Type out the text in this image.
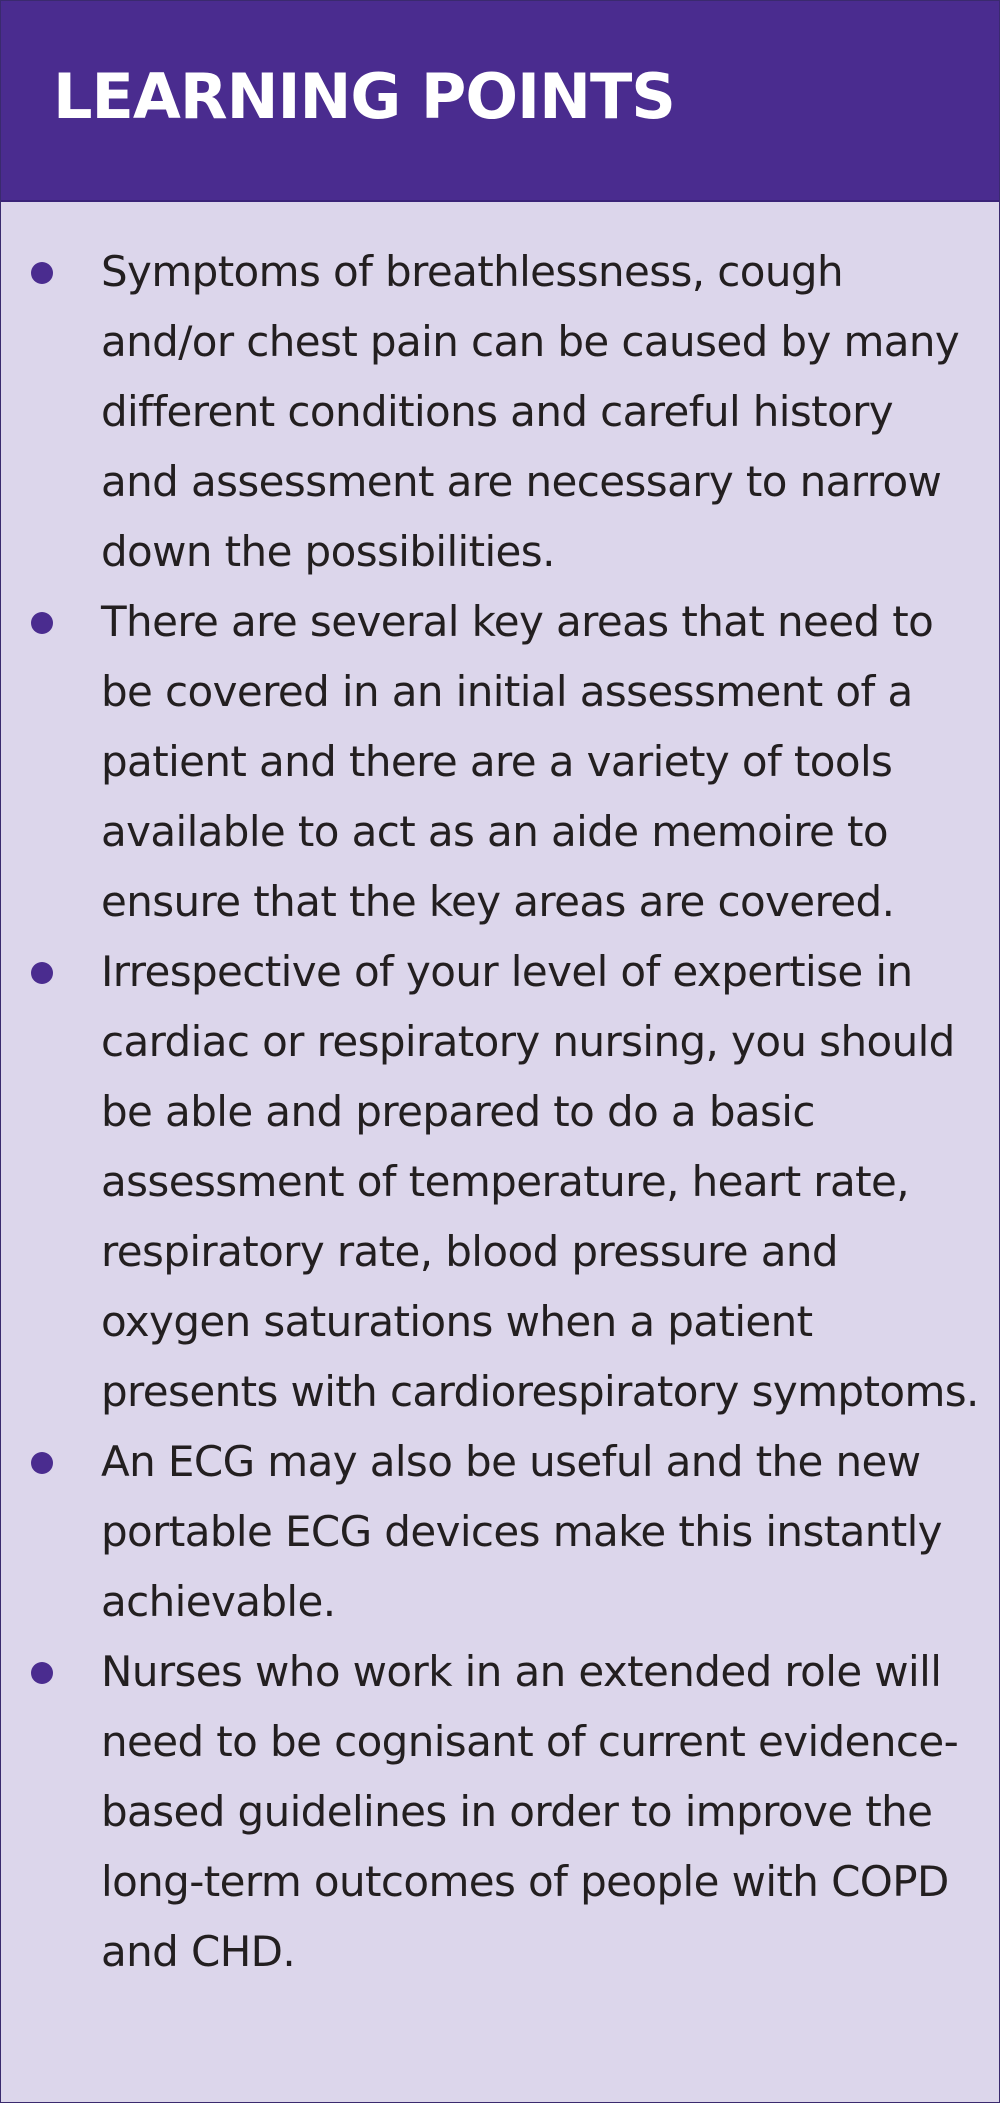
LEARNING POINTS
Symptoms of breathlessness, cough and/or chest pain can be caused by many different conditions and careful history and assessment are necessary to narrow down the possibilities.
There are several key areas that need to be covered in an initial assessment of a patient and there are a variety of tools available to act as an aide memoire to ensure that the key areas are covered.
Irrespective of your level of expertise in cardiac or respiratory nursing, you should be able and prepared to do a basic assessment of temperature, heart rate, respiratory rate, blood pressure and oxygen saturations when a patient presents with cardiorespiratory symptoms.
An ECG may also be useful and the new portable ECG devices make this instantly achievable.
Nurses who work in an extended role will need to be cognisant of current evidence-based guidelines in order to improve the long-term outcomes of people with COPD and CHD.
